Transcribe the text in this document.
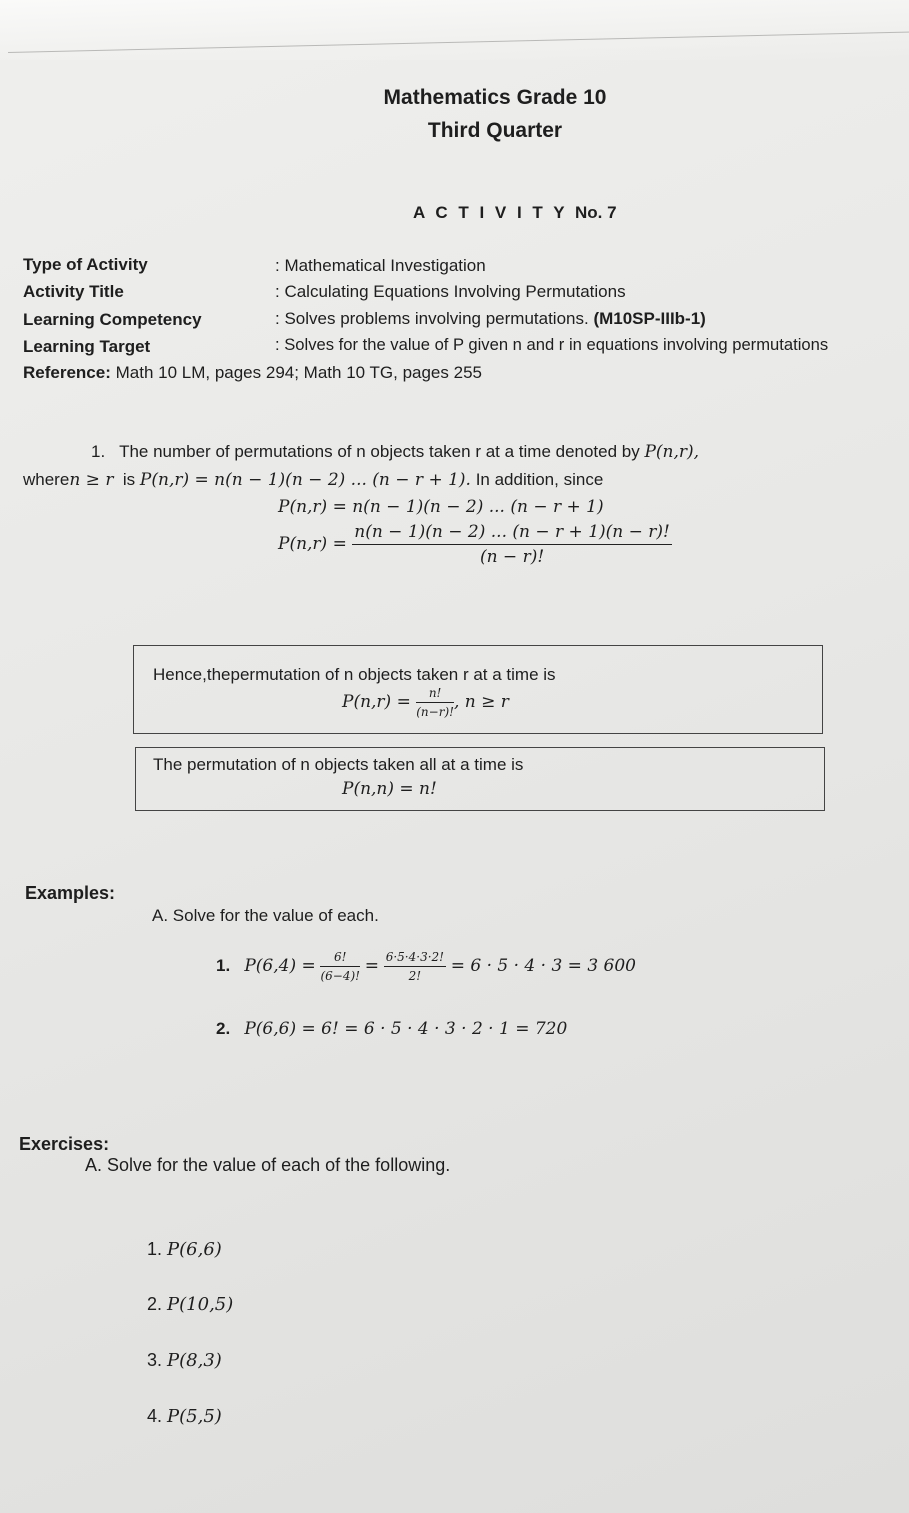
Mathematics Grade 10
Third Quarter
A C T I V I T Y No. 7
Type of Activity	: Mathematical Investigation
Activity Title	: Calculating Equations Involving Permutations
Learning Competency	: Solves problems involving permutations. (M10SP-IIIb-1)
Learning Target	: Solves for the value of P given n and r in equations involving permutations
Reference: Math 10 LM, pages 294; Math 10 TG, pages 255
1. The number of permutations of n objects taken r at a time denoted by P(n,r),
wheren ≥ r is P(n,r) = n(n − 1)(n − 2) ... (n − r + 1). In addition, since
P(n,r) = n(n − 1)(n − 2) ... (n − r + 1)
$P(n,r) = \frac{n(n - 1)(n - 2) ... (n - r + 1)(n - r)!}{(n - r)!}$
Hence,thepermutation of n objects taken r at a time is
$P(n,r) = \frac{n!}{(n-r)!}$ , n ≥ r
The permutation of n objects taken all at a time is
P(n,n) = n!
Examples:
A. Solve for the value of each.
1. $P(6,4) = \frac{6!}{(6-4)!} = \frac{6\cdot 5\cdot 4\cdot 3\cdot 2!}{2!} = 6 \cdot 5 \cdot 4 \cdot 3 = 3$ 600
2. P(6,6) = 6! = 6 · 5 · 4 · 3 · 2 · 1 = 720
Exercises:
A. Solve for the value of each of the following.
1. P(6,6)
2. P(10,5)
3. P(8,3)
4. P(5,5)
